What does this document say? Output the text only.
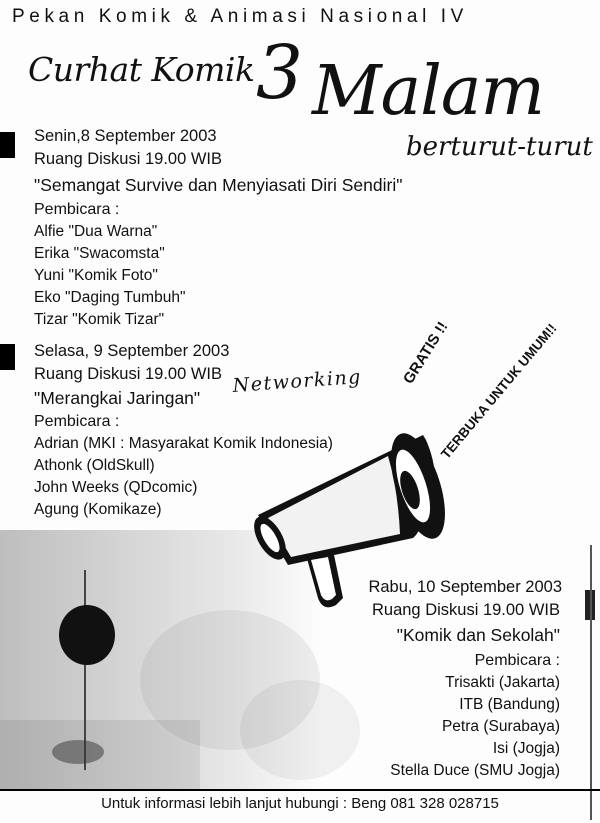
Pekan Komik & Animasi Nasional IV
Curhat Komik 3 Malam
berturut-turut
Senin,8 September 2003
Ruang Diskusi 19.00 WIB
"Semangat Survive dan Menyiasati Diri Sendiri"
Pembicara :
Alfie "Dua Warna"
Erika "Swacomsta"
Yuni "Komik Foto"
Eko "Daging Tumbuh"
Tizar "Komik Tizar"
Selasa, 9 September 2003
Ruang Diskusi 19.00 WIB
"Merangkai Jaringan"
Pembicara :
Adrian (MKI : Masyarakat Komik Indonesia)
Athonk (OldSkull)
John Weeks (QDcomic)
Agung (Komikaze)
Networking GRATIS !!
TERBUKA UNTUK UMUM!!
Rabu, 10 September 2003
Ruang Diskusi 19.00 WIB
"Komik dan Sekolah"
Pembicara :
Trisakti (Jakarta)
ITB (Bandung)
Petra (Surabaya)
Isi (Jogja)
Stella Duce (SMU Jogja)
Untuk informasi lebih lanjut hubungi : Beng 081 328 028715
